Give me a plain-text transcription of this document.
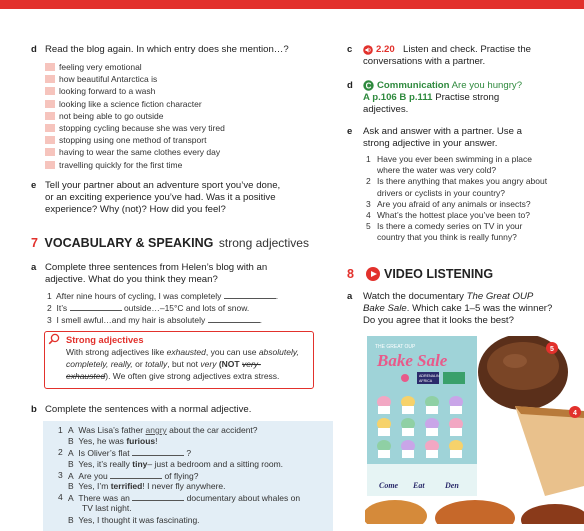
d Read the blog again. In which entry does she mention…?
feeling very emotional
how beautiful Antarctica is
looking forward to a wash
looking like a science fiction character
not being able to go outside
stopping cycling because she was very tired
stopping using one method of transport
having to wear the same clothes every day
travelling quickly for the first time
e Tell your partner about an adventure sport you’ve done,
or an exciting experience you’ve had. Was it a positive
experience? Why (not)? How did you feel?
7 VOCABULARY & SPEAKING strong adjectives
a Complete three sentences from Helen’s blog with an
adjective. What do you think they mean?
1 After nine hours of cycling, I was completely	.
2 It’s	outside…–15°C and lots of snow.
3 I smell awful…and my hair is absolutely	.
Strong adjectives
With strong adjectives like exhausted, you can use absolutely,
completely, really, or totally, but not very (NOT very-
exhausted). We often give strong adjectives extra stress.
b Complete the sentences with a normal adjective.
1 A Was Lisa’s father angry about the car accident?
B Yes, he was furious!
2 A Is Oliver’s flat	?
B Yes, it’s really tiny– just a bedroom and a sitting room.
3 A Are you	of flying?
B Yes, I’m terrified! I never fly anywhere.
4 A There was an	documentary about whales on
TV last night.
B Yes, I thought it was fascinating.
c 2.20 Listen and check. Practise the
conversations with a partner.
d C Communication Are you hungry?
A p.106 B p.111 Practise strong
adjectives.
e Ask and answer with a partner. Use a
strong adjective in your answer.
1 Have you ever been swimming in a place
where the water was very cold?
2 Is there anything that makes you angry about
drivers or cyclists in your country?
3 Are you afraid of any animals or insects?
4 What’s the hottest place you’ve been to?
5 Is there a comedy series on TV in your
country that you think is really funny?
8 VIDEO LISTENING
a Watch the documentary The Great OUP
Bake Sale. Which cake 1–5 was the winner?
Do you agree that it looks the best?
THE GREAT OUP
Bake Sale
ADRENALIN
AFRICA
Come Eat	Den
5
4
